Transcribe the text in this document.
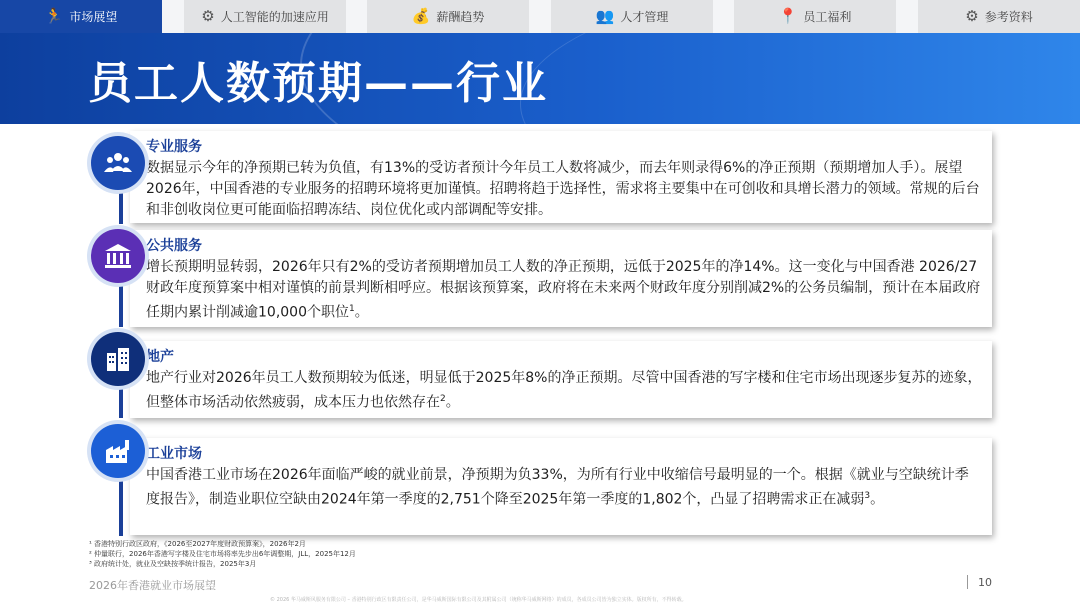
🏃 市场展望	⚙ 人工智能的加速应用	💰 薪酬趋势	👥 人才管理	📍 员工福利	⚙ 参考资料
员工人数预期——行业
专业服务

数据显示今年的净预期已转为负值，有13%的受访者预计今年员工人数将减少，而去年则录得6%的净正预期（预期增加人手）。展望2026年，中国香港的专业服务的招聘环境将更加谨慎。招聘将趋于选择性，需求将主要集中在可创收和具增长潜力的领域。常规的后台和非创收岗位更可能面临招聘冻结、岗位优化或内部调配等安排。

公共服务

增长预期明显转弱，2026年只有2%的受访者预期增加员工人数的净正预期，远低于2025年的净14%。这一变化与中国香港 2026/27 财政年度预算案中相对谨慎的前景判断相呼应。根据该预算案，政府将在未来两个财政年度分别削减2%的公务员编制，预计在本届政府任期内累计削减逾10,000个职位$^1$。

地产

地产行业对2026年员工人数预期较为低迷，明显低于2025年8%的净正预期。尽管中国香港的写字楼和住宅市场出现逐步复苏的迹象，但整体市场活动依然疲弱，成本压力也依然存在$^2$。

工业市场

中国香港工业市场在2026年面临严峻的就业前景，净预期为负33%，为所有行业中收缩信号最明显的一个。根据《就业与空缺统计季度报告》，制造业职位空缺由2024年第一季度的2,751个降至2025年第一季度的1,802个，凸显了招聘需求正在减弱$^3$。

¹ 香港特别行政区政府，《2026至2027年度财政预算案》，2026年2月
² 仲量联行，2026年香港写字楼及住宅市场将率先步出6年调整期，JLL，2025年12月
³ 政府统计处，就业及空缺按季统计报告，2025年3月
2026年香港就业市场展望	10
© 2026 华马威斯风服务有限公司 – 香港特别行政区有限责任公司，是华马威斯国际有限公司及其附属公司（统称华马威斯网络）的成员，各成员公司皆为独立实体。版权所有，不得转载。
